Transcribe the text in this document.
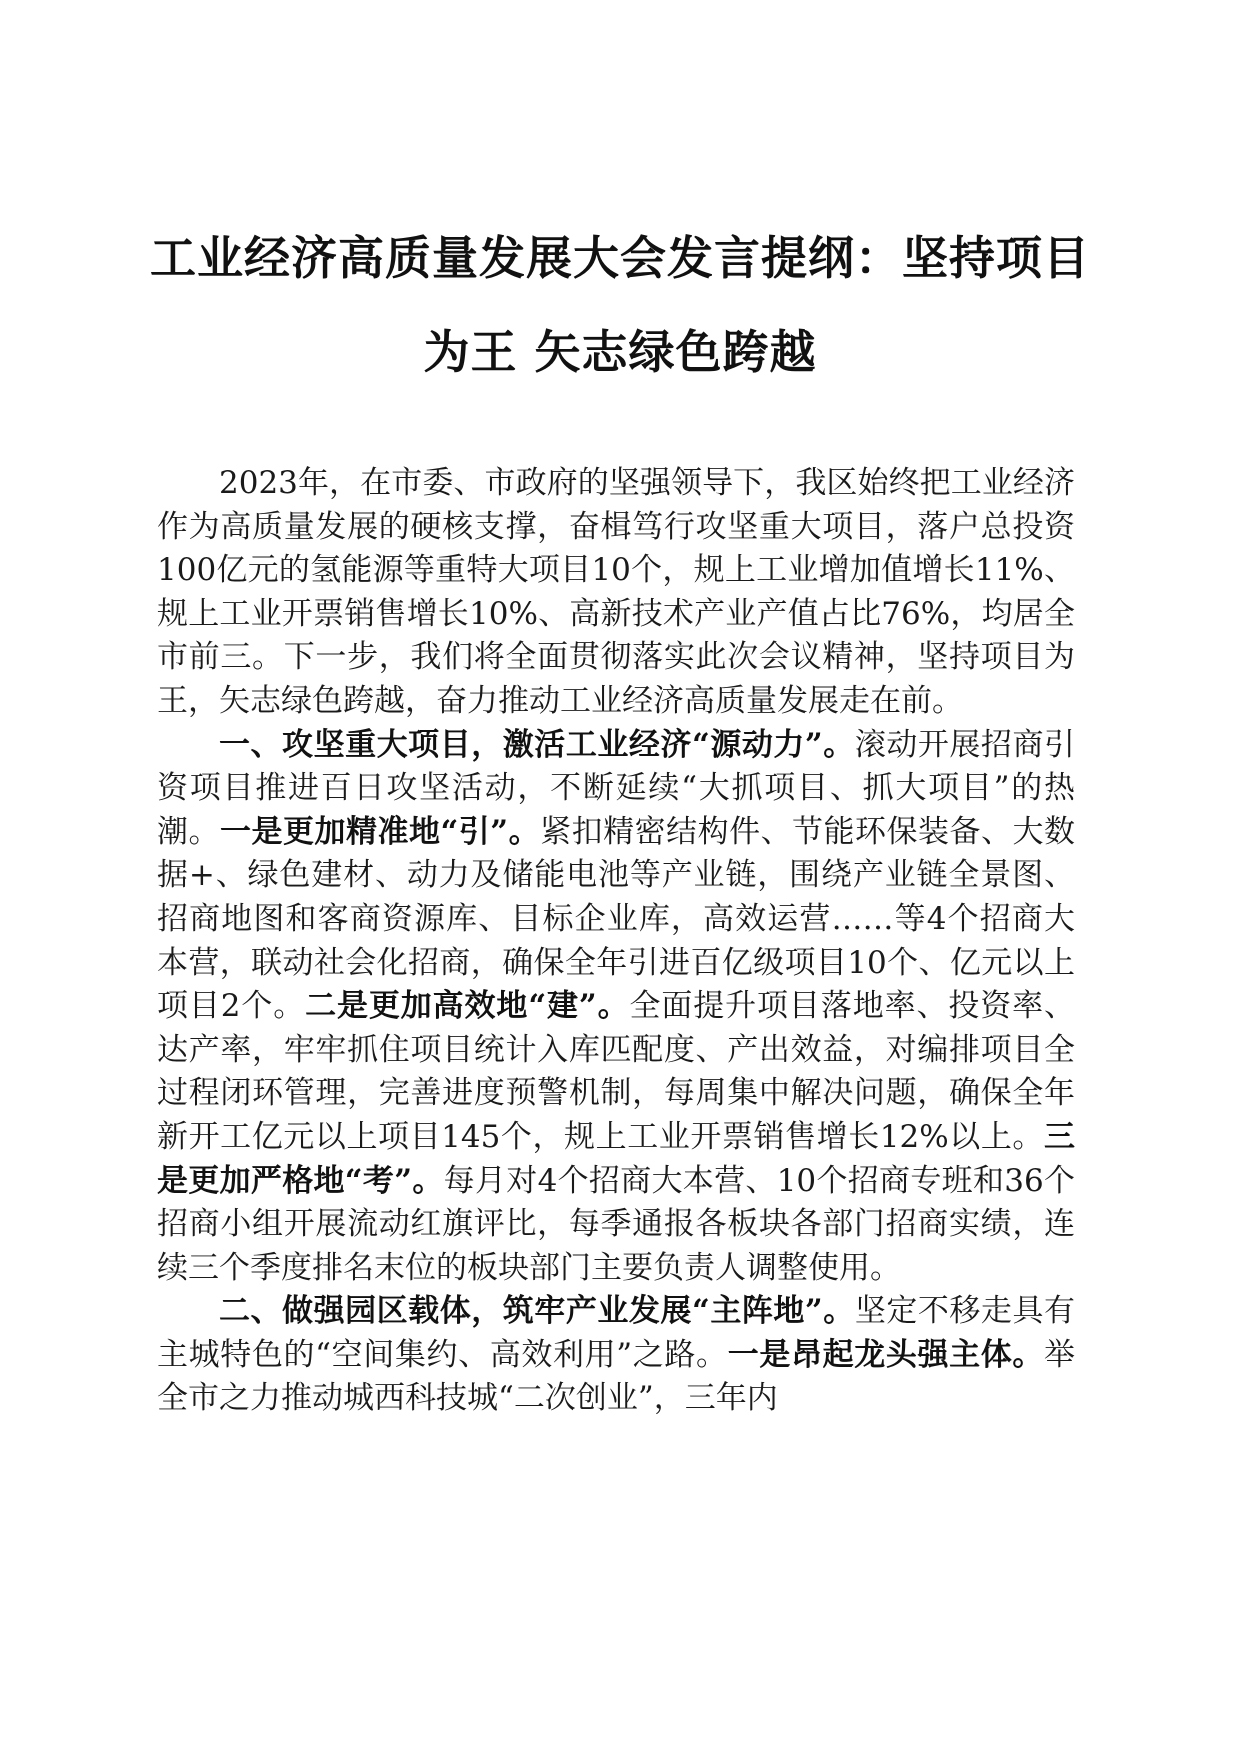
工业经济高质量发展大会发言提纲：坚持项目
为王 矢志绿色跨越

2023年，在市委、市政府的坚强领导下，我区始终把工业经济作为高质量发展的硬核支撑，奋楫笃行攻坚重大项目，落户总投资100亿元的氢能源等重特大项目10个，规上工业增加值增长11%、规上工业开票销售增长10%、高新技术产业产值占比76%，均居全市前三。下一步，我们将全面贯彻落实此次会议精神，坚持项目为王，矢志绿色跨越，奋力推动工业经济高质量发展走在前。

一、攻坚重大项目，激活工业经济“源动力”。滚动开展招商引资项目推进百日攻坚活动，不断延续“大抓项目、抓大项目”的热潮。一是更加精准地“引”。紧扣精密结构件、节能环保装备、大数据+、绿色建材、动力及储能电池等产业链，围绕产业链全景图、招商地图和客商资源库、目标企业库，高效运营……等4个招商大本营，联动社会化招商，确保全年引进百亿级项目10个、亿元以上项目2个。二是更加高效地“建”。全面提升项目落地率、投资率、达产率，牢牢抓住项目统计入库匹配度、产出效益，对编排项目全过程闭环管理，完善进度预警机制，每周集中解决问题，确保全年新开工亿元以上项目145个，规上工业开票销售增长12%以上。三是更加严格地“考”。每月对4个招商大本营、10个招商专班和36个招商小组开展流动红旗评比，每季通报各板块各部门招商实绩，连续三个季度排名末位的板块部门主要负责人调整使用。

二、做强园区载体，筑牢产业发展“主阵地”。坚定不移走具有主城特色的“空间集约、高效利用”之路。一是昂起龙头强主体。举全市之力推动城西科技城“二次创业”，三年内
